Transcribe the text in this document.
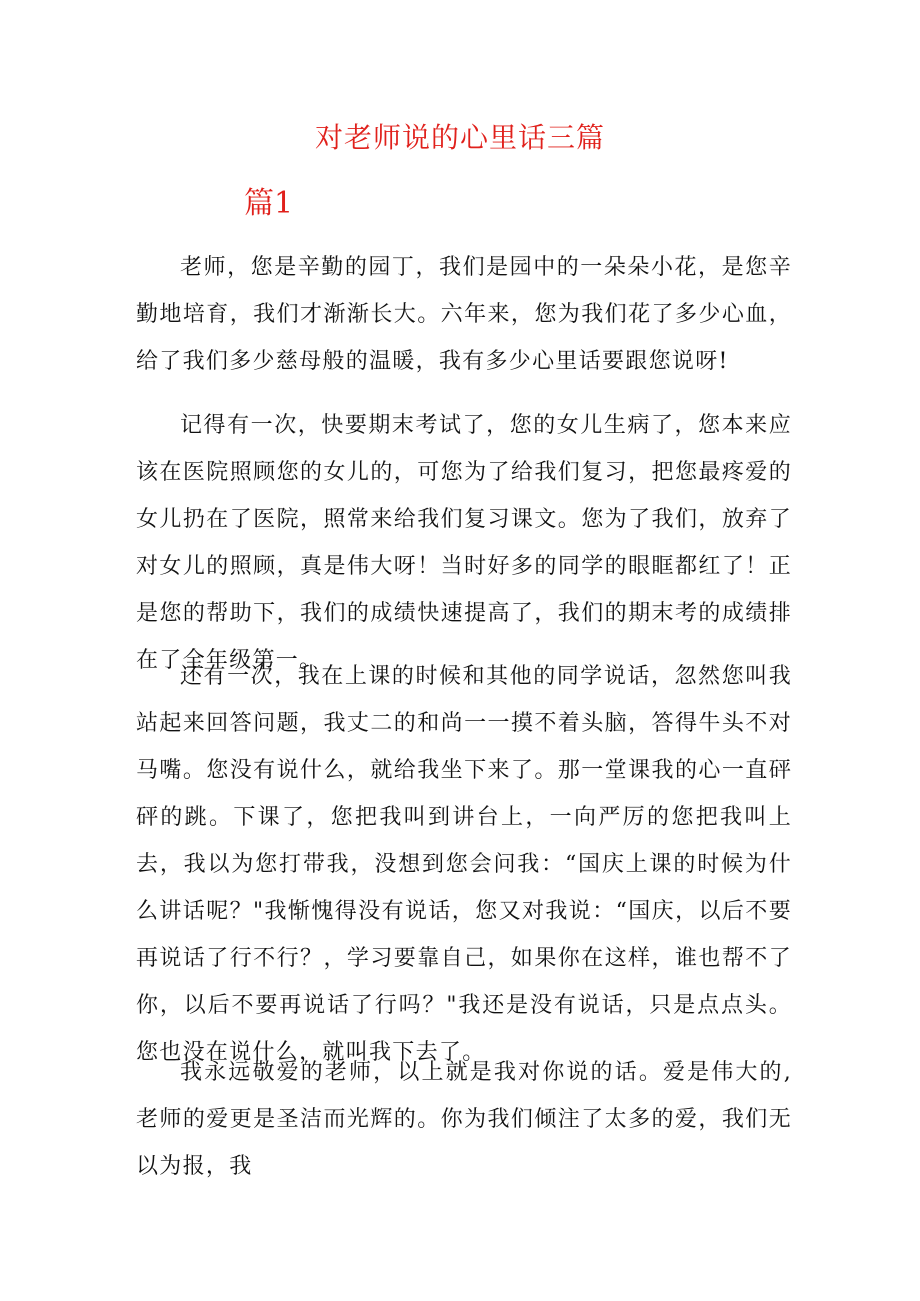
对老师说的心里话三篇
篇1

老师，您是辛勤的园丁，我们是园中的一朵朵小花，是您辛勤地培育，我们才渐渐长大。六年来，您为我们花了多少心血，给了我们多少慈母般的温暖，我有多少心里话要跟您说呀!

记得有一次，快要期末考试了，您的女儿生病了，您本来应该在医院照顾您的女儿的，可您为了给我们复习，把您最疼爱的女儿扔在了医院，照常来给我们复习课文。您为了我们，放弃了对女儿的照顾，真是伟大呀！当时好多的同学的眼眶都红了！正是您的帮助下，我们的成绩快速提高了，我们的期末考的成绩排在了全年级第一。

还有一次，我在上课的时候和其他的同学说话，忽然您叫我站起来回答问题，我丈二的和尚一一摸不着头脑，答得牛头不对马嘴。您没有说什么，就给我坐下来了。那一堂课我的心一直砰砰的跳。下课了，您把我叫到讲台上，一向严厉的您把我叫上去，我以为您打带我，没想到您会问我：“国庆上课的时候为什么讲话呢？"我惭愧得没有说话，您又对我说：“国庆，以后不要再说话了行不行？，学习要靠自己，如果你在这样，谁也帮不了你，以后不要再说话了行吗？"我还是没有说话，只是点点头。您也没在说什么，就叫我下去了。

我永远敬爱的老师，以上就是我对你说的话。爱是伟大的,老师的爱更是圣洁而光辉的。你为我们倾注了太多的爱，我们无以为报，我
